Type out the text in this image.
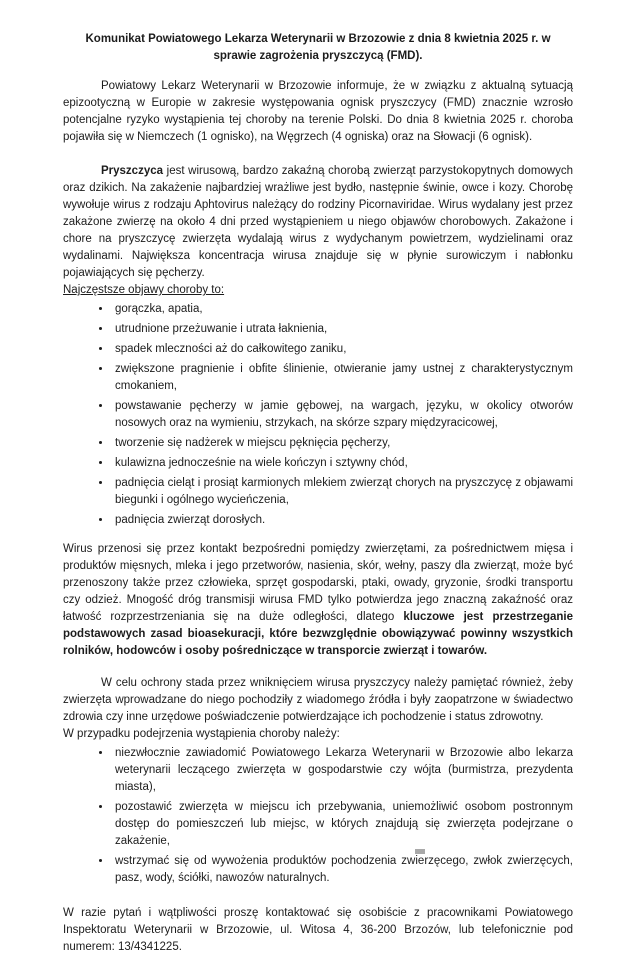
Komunikat Powiatowego Lekarza Weterynarii w Brzozowie z dnia 8 kwietnia 2025 r. w sprawie zagrożenia pryszczycą (FMD).

Powiatowy Lekarz Weterynarii w Brzozowie informuje, że w związku z aktualną sytuacją epizootyczną w Europie w zakresie występowania ognisk pryszczycy (FMD) znacznie wzrosło potencjalne ryzyko wystąpienia tej choroby na terenie Polski. Do dnia 8 kwietnia 2025 r. choroba pojawiła się w Niemczech (1 ognisko), na Węgrzech (4 ogniska) oraz na Słowacji (6 ognisk).

Pryszczyca jest wirusową, bardzo zakaźną chorobą zwierząt parzystokopytnych domowych oraz dzikich. Na zakażenie najbardziej wrażliwe jest bydło, następnie świnie, owce i kozy. Chorobę wywołuje wirus z rodzaju Aphtovirus należący do rodziny Picornaviridae. Wirus wydalany jest przez zakażone zwierzę na około 4 dni przed wystąpieniem u niego objawów chorobowych. Zakażone i chore na pryszczycę zwierzęta wydalają wirus z wydychanym powietrzem, wydzielinami oraz wydalinami. Największa koncentracja wirusa znajduje się w płynie surowiczym i nabłonku pojawiających się pęcherzy.

Najczęstsze objawy choroby to:

• gorączka, apatia,
• utrudnione przeżuwanie i utrata łaknienia,
• spadek mleczności aż do całkowitego zaniku,
• zwiększone pragnienie i obfite ślinienie, otwieranie jamy ustnej z charakterystycznym cmokaniem,
• powstawanie pęcherzy w jamie gębowej, na wargach, języku, w okolicy otworów nosowych oraz na wymieniu, strzykach, na skórze szpary międzyracicowej,
• tworzenie się nadżerek w miejscu pęknięcia pęcherzy,
• kulawizna jednocześnie na wiele kończyn i sztywny chód,
• padnięcia cieląt i prosiąt karmionych mlekiem zwierząt chorych na pryszczycę z objawami biegunki i ogólnego wycieńczenia,
• padnięcia zwierząt dorosłych.

Wirus przenosi się przez kontakt bezpośredni pomiędzy zwierzętami, za pośrednictwem mięsa i produktów mięsnych, mleka i jego przetworów, nasienia, skór, wełny, paszy dla zwierząt, może być przenoszony także przez człowieka, sprzęt gospodarski, ptaki, owady, gryzonie, środki transportu czy odzież. Mnogość dróg transmisji wirusa FMD tylko potwierdza jego znaczną zakaźność oraz łatwość rozprzestrzeniania się na duże odległości, dlatego kluczowe jest przestrzeganie podstawowych zasad bioasekuracji, które bezwzględnie obowiązywać powinny wszystkich rolników, hodowców i osoby pośredniczące w transporcie zwierząt i towarów.

W celu ochrony stada przez wniknięciem wirusa pryszczycy należy pamiętać również, żeby zwierzęta wprowadzane do niego pochodziły z wiadomego źródła i były zaopatrzone w świadectwo zdrowia czy inne urzędowe poświadczenie potwierdzające ich pochodzenie i status zdrowotny.

W przypadku podejrzenia wystąpienia choroby należy:

• niezwłocznie zawiadomić Powiatowego Lekarza Weterynarii w Brzozowie albo lekarza weterynarii leczącego zwierzęta w gospodarstwie czy wójta (burmistrza, prezydenta miasta),
• pozostawić zwierzęta w miejscu ich przebywania, uniemożliwić osobom postronnym dostęp do pomieszczeń lub miejsc, w których znajdują się zwierzęta podejrzane o zakażenie,
• wstrzymać się od wywożenia produktów pochodzenia zwierzęcego, zwłok zwierzęcych, pasz, wody, ściółki, nawozów naturalnych.

W razie pytań i wątpliwości proszę kontaktować się osobiście z pracownikami Powiatowego Inspektoratu Weterynarii w Brzozowie, ul. Witosa 4, 36-200 Brzozów, lub telefonicznie pod numerem: 13/4341225.
